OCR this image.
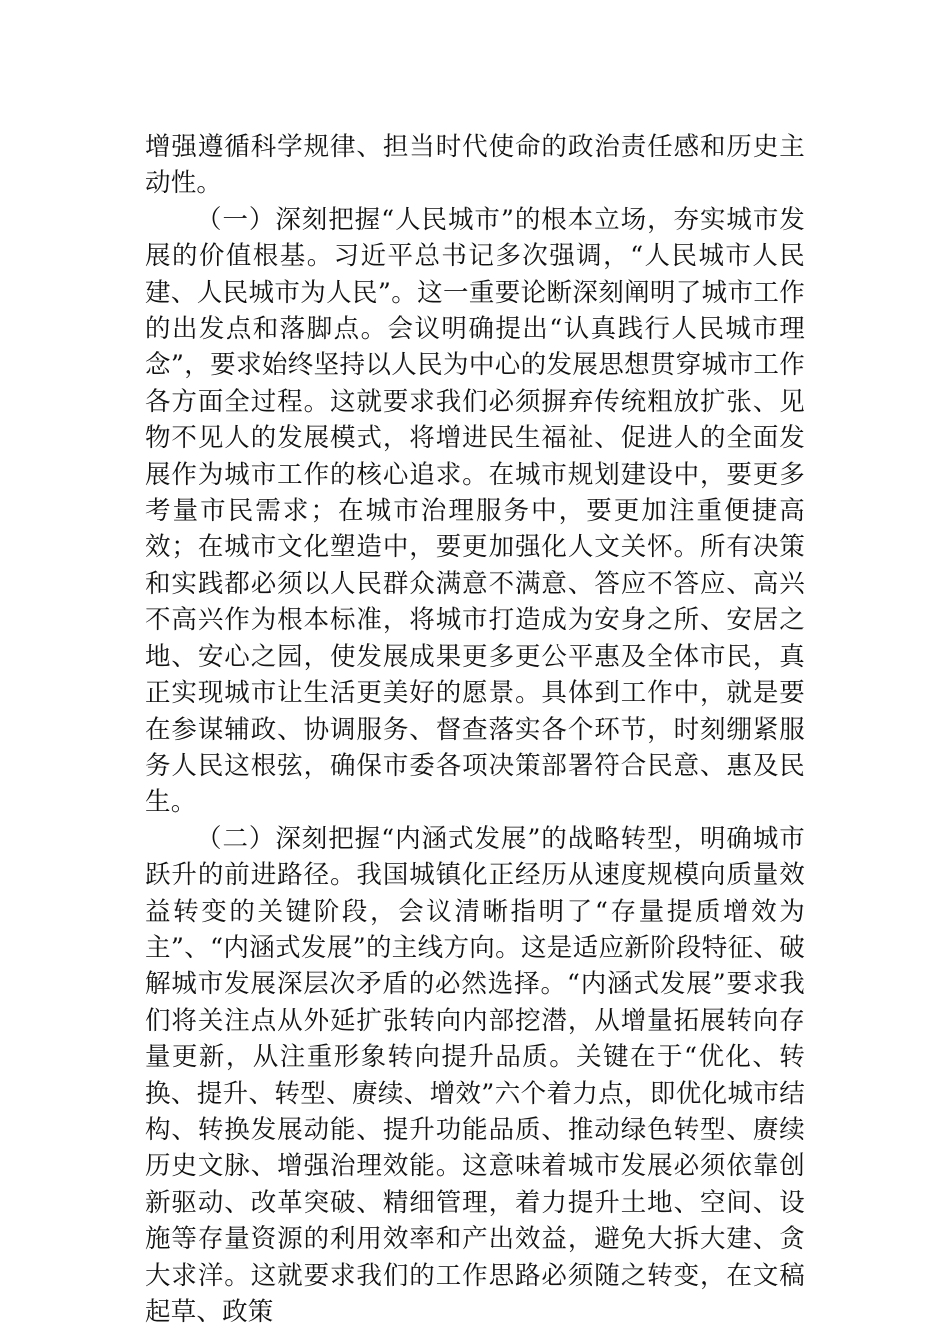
增强遵循科学规律、担当时代使命的政治责任感和历史主动性。

（一）深刻把握“人民城市”的根本立场，夯实城市发展的价值根基。习近平总书记多次强调，“人民城市人民建、人民城市为人民”。这一重要论断深刻阐明了城市工作的出发点和落脚点。会议明确提出“认真践行人民城市理念”，要求始终坚持以人民为中心的发展思想贯穿城市工作各方面全过程。这就要求我们必须摒弃传统粗放扩张、见物不见人的发展模式，将增进民生福祉、促进人的全面发展作为城市工作的核心追求。在城市规划建设中，要更多考量市民需求；在城市治理服务中，要更加注重便捷高效；在城市文化塑造中，要更加强化人文关怀。所有决策和实践都必须以人民群众满意不满意、答应不答应、高兴不高兴作为根本标准，将城市打造成为安身之所、安居之地、安心之园，使发展成果更多更公平惠及全体市民，真正实现城市让生活更美好的愿景。具体到工作中，就是要在参谋辅政、协调服务、督查落实各个环节，时刻绷紧服务人民这根弦，确保市委各项决策部署符合民意、惠及民生。

（二）深刻把握“内涵式发展”的战略转型，明确城市跃升的前进路径。我国城镇化正经历从速度规模向质量效益转变的关键阶段，会议清晰指明了“存量提质增效为主”、“内涵式发展”的主线方向。这是适应新阶段特征、破解城市发展深层次矛盾的必然选择。“内涵式发展”要求我们将关注点从外延扩张转向内部挖潜，从增量拓展转向存量更新，从注重形象转向提升品质。关键在于“优化、转换、提升、转型、赓续、增效”六个着力点，即优化城市结构、转换发展动能、提升功能品质、推动绿色转型、赓续历史文脉、增强治理效能。这意味着城市发展必须依靠创新驱动、改革突破、精细管理，着力提升土地、空间、设施等存量资源的利用效率和产出效益，避免大拆大建、贪大求洋。这就要求我们的工作思路必须随之转变，在文稿起草、政策
